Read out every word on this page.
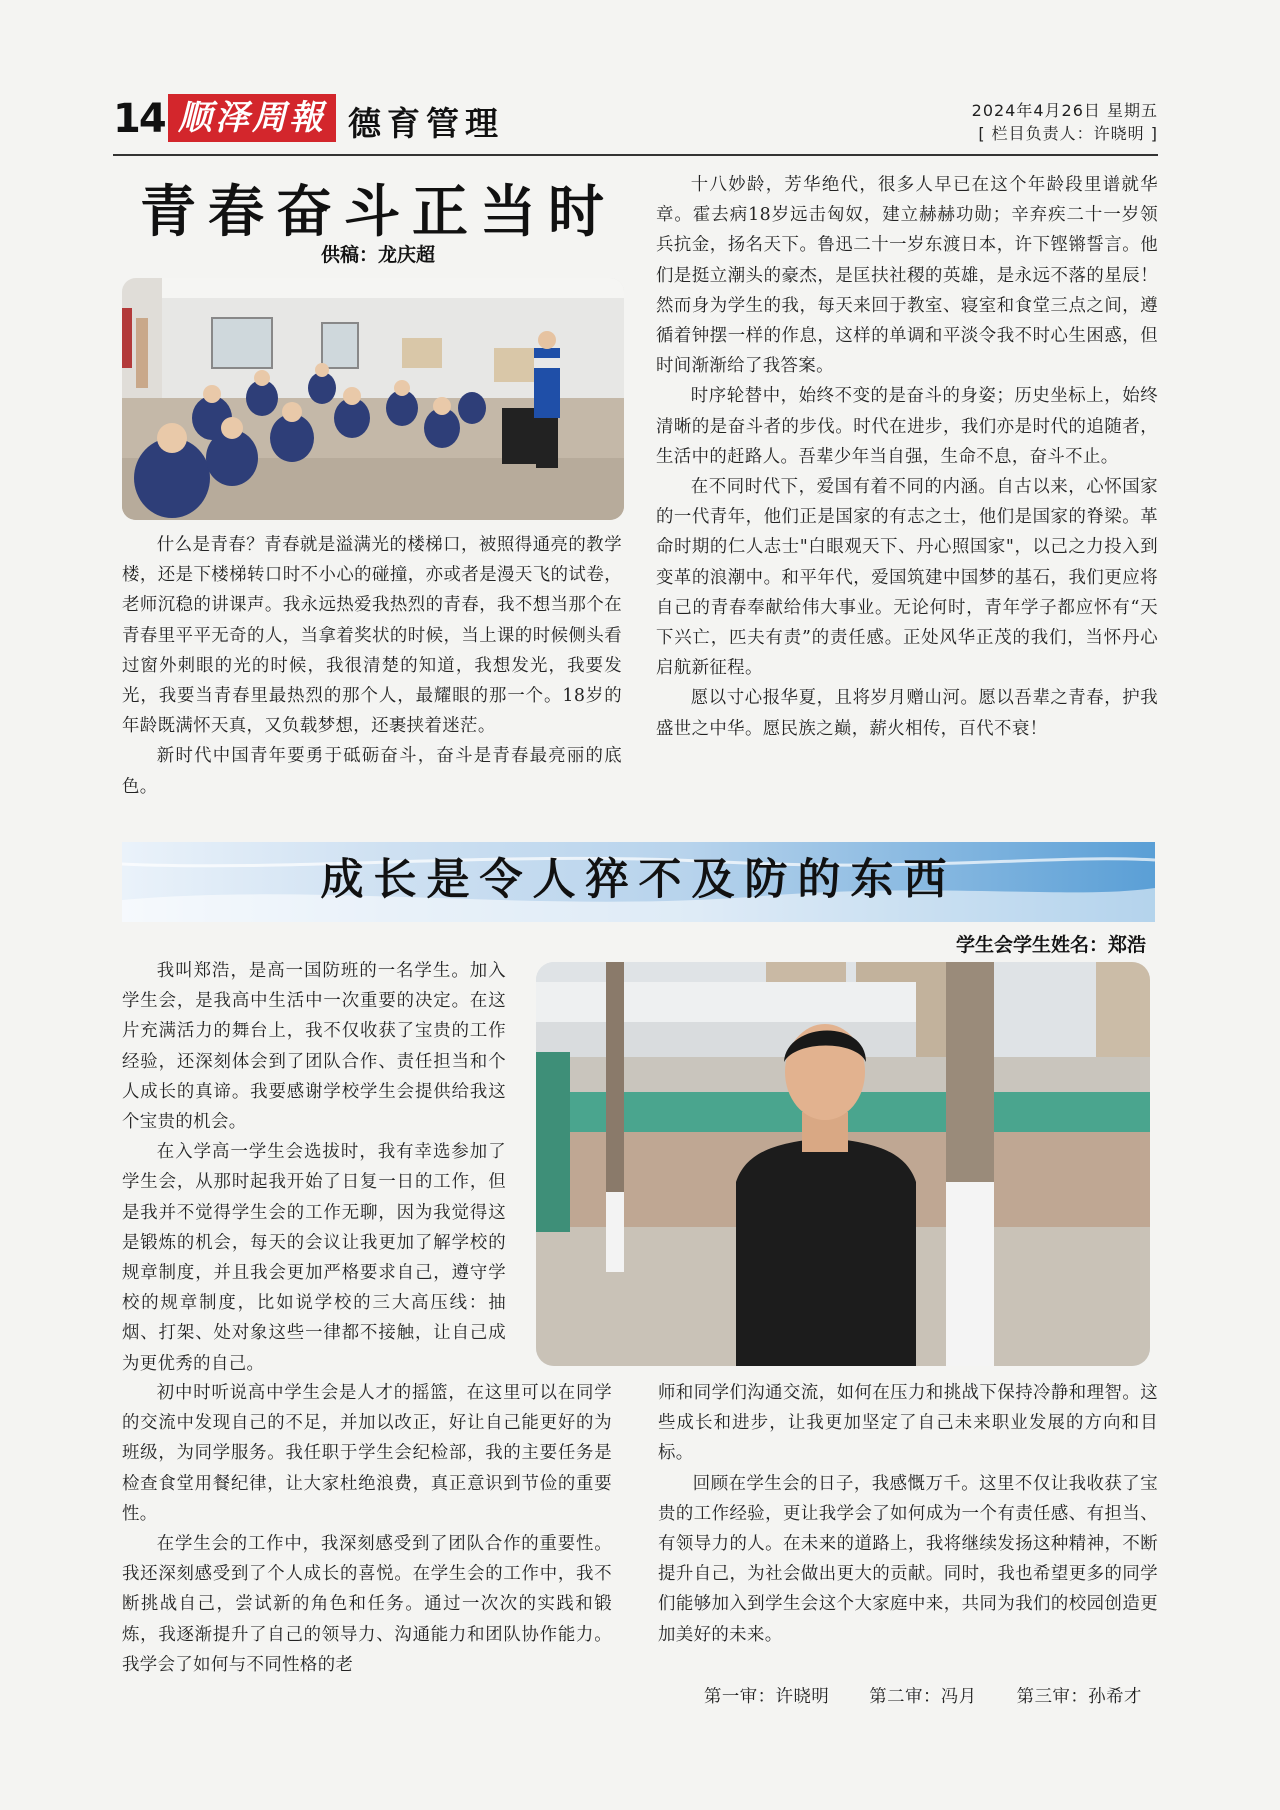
14 顺泽周報 德育管理	2024年4月26日 星期五
[ 栏目负责人：许晓明 ]
青春奋斗正当时
供稿：龙庆超

什么是青春？青春就是溢满光的楼梯口，被照得通亮的教学楼，还是下楼梯转口时不小心的碰撞，亦或者是漫天飞的试卷，老师沉稳的讲课声。我永远热爱我热烈的青春，我不想当那个在青春里平平无奇的人，当拿着奖状的时候，当上课的时候侧头看过窗外刺眼的光的时候，我很清楚的知道，我想发光，我要发光，我要当青春里最热烈的那个人，最耀眼的那一个。18岁的年龄既满怀天真，又负载梦想，还裹挟着迷茫。

新时代中国青年要勇于砥砺奋斗，奋斗是青春最亮丽的底色。

十八妙龄，芳华绝代，很多人早已在这个年龄段里谱就华章。霍去病18岁远击匈奴，建立赫赫功勋；辛弃疾二十一岁领兵抗金，扬名天下。鲁迅二十一岁东渡日本，许下铿锵誓言。他们是挺立潮头的豪杰，是匡扶社稷的英雄，是永远不落的星辰！然而身为学生的我，每天来回于教室、寝室和食堂三点之间，遵循着钟摆一样的作息，这样的单调和平淡令我不时心生困惑，但时间渐渐给了我答案。

时序轮替中，始终不变的是奋斗的身姿；历史坐标上，始终清晰的是奋斗者的步伐。时代在进步，我们亦是时代的追随者，生活中的赶路人。吾辈少年当自强，生命不息，奋斗不止。

在不同时代下，爱国有着不同的内涵。自古以来，心怀国家的一代青年，他们正是国家的有志之士，他们是国家的脊梁。革命时期的仁人志士"白眼观天下、丹心照国家"，以己之力投入到变革的浪潮中。和平年代，爱国筑建中国梦的基石，我们更应将自己的青春奉献给伟大事业。无论何时，青年学子都应怀有“天下兴亡，匹夫有责”的责任感。正处风华正茂的我们，当怀丹心启航新征程。

愿以寸心报华夏，且将岁月赠山河。愿以吾辈之青春，护我盛世之中华。愿民族之巅，薪火相传，百代不衰！

成长是令人猝不及防的东西
学生会学生姓名：郑浩

我叫郑浩，是高一国防班的一名学生。加入学生会，是我高中生活中一次重要的决定。在这片充满活力的舞台上，我不仅收获了宝贵的工作经验，还深刻体会到了团队合作、责任担当和个人成长的真谛。我要感谢学校学生会提供给我这个宝贵的机会。

在入学高一学生会选拔时，我有幸选参加了学生会，从那时起我开始了日复一日的工作，但是我并不觉得学生会的工作无聊，因为我觉得这是锻炼的机会，每天的会议让我更加了解学校的规章制度，并且我会更加严格要求自己，遵守学校的规章制度，比如说学校的三大高压线：抽烟、打架、处对象这些一律都不接触，让自己成为更优秀的自己。

初中时听说高中学生会是人才的摇篮，在这里可以在同学的交流中发现自己的不足，并加以改正，好让自己能更好的为班级，为同学服务。我任职于学生会纪检部，我的主要任务是检查食堂用餐纪律，让大家杜绝浪费，真正意识到节俭的重要性。

在学生会的工作中，我深刻感受到了团队合作的重要性。我还深刻感受到了个人成长的喜悦。在学生会的工作中，我不断挑战自己，尝试新的角色和任务。通过一次次的实践和锻炼，我逐渐提升了自己的领导力、沟通能力和团队协作能力。我学会了如何与不同性格的老

师和同学们沟通交流，如何在压力和挑战下保持冷静和理智。这些成长和进步，让我更加坚定了自己未来职业发展的方向和目标。

回顾在学生会的日子，我感慨万千。这里不仅让我收获了宝贵的工作经验，更让我学会了如何成为一个有责任感、有担当、有领导力的人。在未来的道路上，我将继续发扬这种精神，不断提升自己，为社会做出更大的贡献。同时，我也希望更多的同学们能够加入到学生会这个大家庭中来，共同为我们的校园创造更加美好的未来。

第一审：许晓明 第二审：冯月 第三审：孙希才
